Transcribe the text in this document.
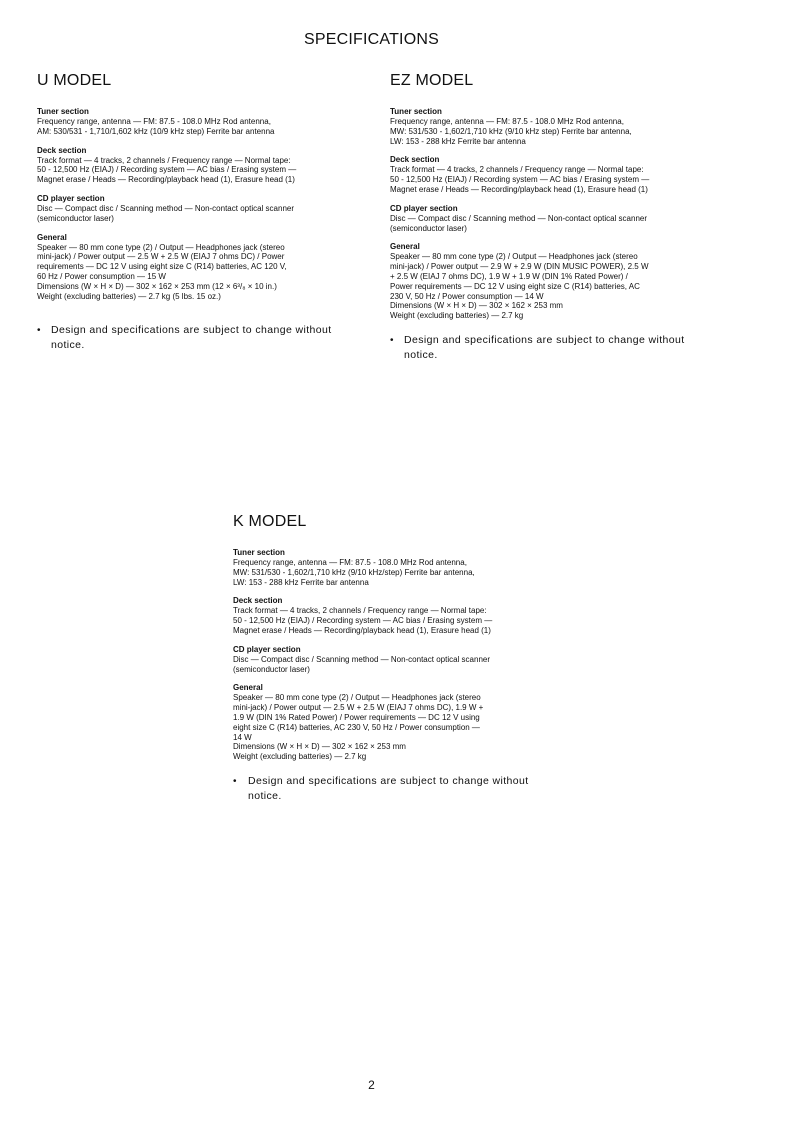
SPECIFICATIONS
U MODEL
Tuner section
Frequency range, antenna — FM: 87.5 - 108.0 MHz Rod antenna,
AM: 530/531 - 1,710/1,602 kHz (10/9 kHz step) Ferrite bar antenna
Deck section
Track format — 4 tracks, 2 channels / Frequency range — Normal tape:
50 - 12,500 Hz (EIAJ) / Recording system — AC bias / Erasing system —
Magnet erase / Heads — Recording/playback head (1), Erasure head (1)
CD player section
Disc — Compact disc / Scanning method — Non-contact optical scanner
(semiconductor laser)
General
Speaker — 80 mm cone type (2) / Output — Headphones jack (stereo
mini-jack) / Power output — 2.5 W + 2.5 W (EIAJ 7 ohms DC) / Power
requirements — DC 12 V using eight size C (R14) batteries, AC 120 V,
60 Hz / Power consumption — 15 W
Dimensions (W × H × D) — 302 × 162 × 253 mm (12 × 6³/₈ × 10 in.)
Weight (excluding batteries) — 2.7 kg (5 lbs. 15 oz.)
• Design and specifications are subject to change without
notice.
EZ MODEL
Tuner section
Frequency range, antenna — FM: 87.5 - 108.0 MHz Rod antenna,
MW: 531/530 - 1,602/1,710 kHz (9/10 kHz step) Ferrite bar antenna,
LW: 153 - 288 kHz Ferrite bar antenna
Deck section
Track format — 4 tracks, 2 channels / Frequency range — Normal tape:
50 - 12,500 Hz (EIAJ) / Recording system — AC bias / Erasing system —
Magnet erase / Heads — Recording/playback head (1), Erasure head (1)
CD player section
Disc — Compact disc / Scanning method — Non-contact optical scanner
(semiconductor laser)
General
Speaker — 80 mm cone type (2) / Output — Headphones jack (stereo
mini-jack) / Power output — 2.9 W + 2.9 W (DIN MUSIC POWER), 2.5 W
+ 2.5 W (EIAJ 7 ohms DC), 1.9 W + 1.9 W (DIN 1% Rated Power) /
Power requirements — DC 12 V using eight size C (R14) batteries, AC
230 V, 50 Hz / Power consumption — 14 W
Dimensions (W × H × D) — 302 × 162 × 253 mm
Weight (excluding batteries) — 2.7 kg
• Design and specifications are subject to change without
notice.
K MODEL
Tuner section
Frequency range, antenna — FM: 87.5 - 108.0 MHz Rod antenna,
MW: 531/530 - 1,602/1,710 kHz (9/10 kHz/step) Ferrite bar antenna,
LW: 153 - 288 kHz Ferrite bar antenna
Deck section
Track format — 4 tracks, 2 channels / Frequency range — Normal tape:
50 - 12,500 Hz (EIAJ) / Recording system — AC bias / Erasing system —
Magnet erase / Heads — Recording/playback head (1), Erasure head (1)
CD player section
Disc — Compact disc / Scanning method — Non-contact optical scanner
(semiconductor laser)
General
Speaker — 80 mm cone type (2) / Output — Headphones jack (stereo
mini-jack) / Power output — 2.5 W + 2.5 W (EIAJ 7 ohms DC), 1.9 W +
1.9 W (DIN 1% Rated Power) / Power requirements — DC 12 V using
eight size C (R14) batteries, AC 230 V, 50 Hz / Power consumption —
14 W
Dimensions (W × H × D) — 302 × 162 × 253 mm
Weight (excluding batteries) — 2.7 kg
• Design and specifications are subject to change without
notice.
2
